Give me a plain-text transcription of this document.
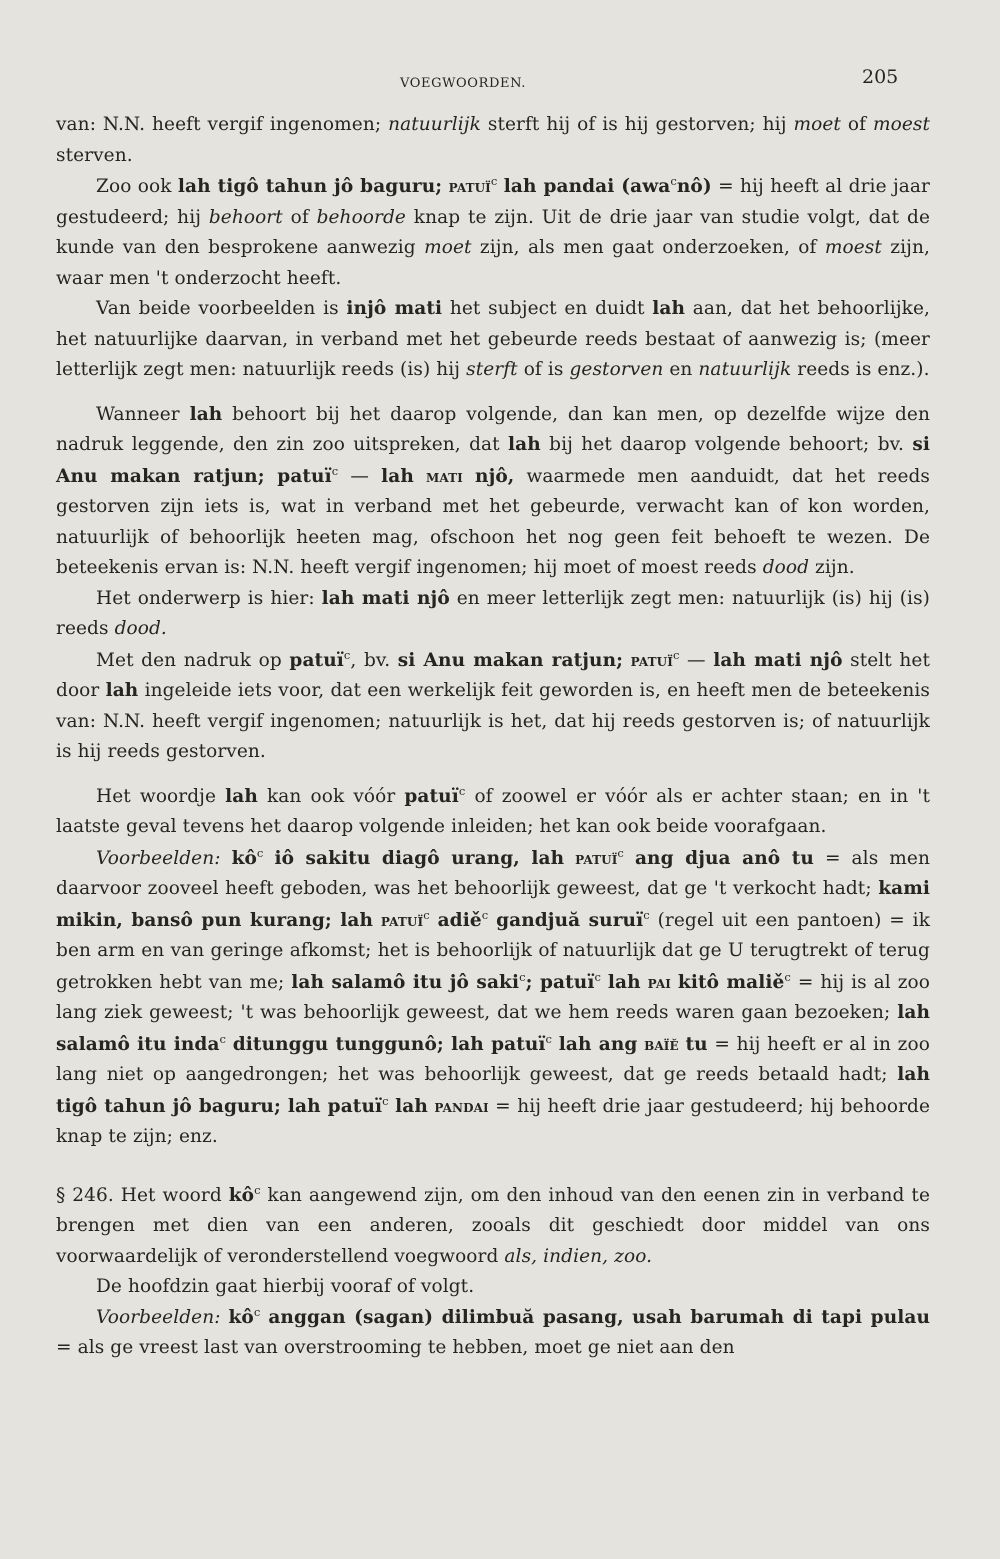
VOEGWOORDEN.	205

van: N.N. heeft vergif ingenomen; natuurlijk sterft hij of is hij gestorven; hij moet of moest sterven.

Zoo ook lah tigô tahun jô baguru; patuï$^c$ lah pandai (awa$^c$nô) = hij heeft al drie jaar gestudeerd; hij behoort of behoorde knap te zijn. Uit de drie jaar van studie volgt, dat de kunde van den besprokene aanwezig moet zijn, als men gaat onderzoeken, of moest zijn, waar men 't onderzocht heeft.

Van beide voorbeelden is injô mati het subject en duidt lah aan, dat het behoorlijke, het natuurlijke daarvan, in verband met het gebeurde reeds bestaat of aanwezig is; (meer letterlijk zegt men: natuurlijk reeds (is) hij sterft of is gestorven en natuurlijk reeds is enz.).

Wanneer lah behoort bij het daarop volgende, dan kan men, op dezelfde wijze den nadruk leggende, den zin zoo uitspreken, dat lah bij het daarop volgende behoort; bv. si Anu makan ratjun; patuï$^c$ — lah mati njô, waarmede men aanduidt, dat het reeds gestorven zijn iets is, wat in verband met het gebeurde, verwacht kan of kon worden, natuurlijk of behoorlijk heeten mag, ofschoon het nog geen feit behoeft te wezen. De beteekenis ervan is: N.N. heeft vergif ingenomen; hij moet of moest reeds dood zijn.

Het onderwerp is hier: lah mati njô en meer letterlijk zegt men: natuurlijk (is) hij (is) reeds dood.

Met den nadruk op patuï$^c$, bv. si Anu makan ratjun; patuï$^c$ — lah mati njô stelt het door lah ingeleide iets voor, dat een werkelijk feit geworden is, en heeft men de beteekenis van: N.N. heeft vergif ingenomen; natuurlijk is het, dat hij reeds gestorven is; of natuurlijk is hij reeds gestorven.

Het woordje lah kan ook vóór patuï$^c$ of zoowel er vóór als er achter staan; en in 't laatste geval tevens het daarop volgende inleiden; het kan ook beide voorafgaan.

Voorbeelden: $kô^c$ iô sakitu diagô urang, lah patuï$^c$ ang djua anô tu = als men daarvoor zooveel heeft geboden, was het behoorlijk geweest, dat ge 't verkocht hadt; kami mikin, bansô pun kurang; lah patuï$^c$ adiě$^c$ gandjuă suruï$^c$ (regel uit een pantoen) = ik ben arm en van geringe afkomst; het is behoorlijk of natuurlijk dat ge U terugtrekt of terug getrokken hebt van me; lah salamô itu jô saki$^c$; patuï$^c$ lah pai kitô maliě$^c$ = hij is al zoo lang ziek geweest; 't was behoorlijk geweest, dat we hem reeds waren gaan bezoeken; lah salamô itu inda$^c$ ditunggu tunggunô; lah patuï$^c$ lah ang baïě tu = hij heeft er al in zoo lang niet op aangedrongen; het was behoorlijk geweest, dat ge reeds betaald hadt; lah tigô tahun jô baguru; lah patuï$^c$ lah pandai = hij heeft drie jaar gestudeerd; hij behoorde knap te zijn; enz.

§ 246. Het woord $kô^c$ kan aangewend zijn, om den inhoud van den eenen zin in verband te brengen met dien van een anderen, zooals dit geschiedt door middel van ons voorwaardelijk of veronderstellend voegwoord als, indien, zoo.

De hoofdzin gaat hierbij vooraf of volgt.

Voorbeelden: $kô^c$ anggan (sagan) dilimbuă pasang, usah barumah di tapi pulau = als ge vreest last van overstrooming te hebben, moet ge niet aan den
